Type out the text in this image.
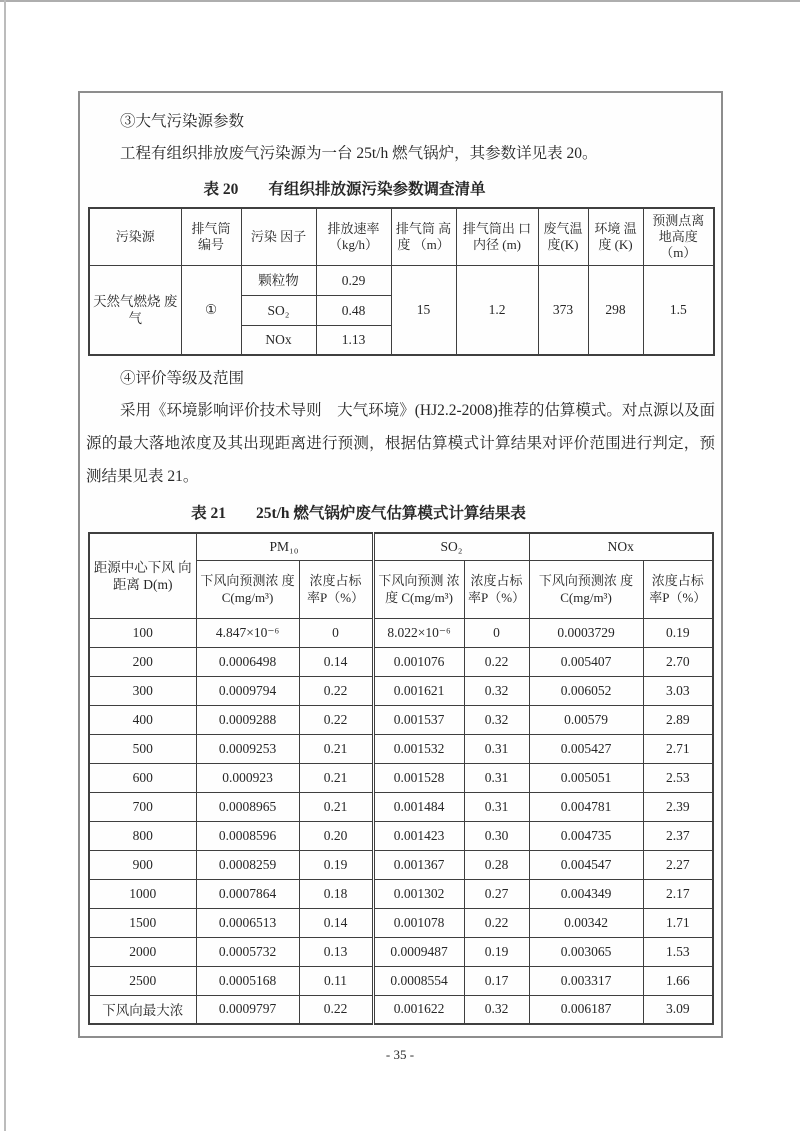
③大气污染源参数

工程有组织排放废气污染源为一台 25t/h 燃气锅炉，其参数详见表 20。

表 20 有组织排放源污染参数调查清单
污染源	排气筒 编号	污染 因子	排放速率 （kg/h）	排气筒 高度 （m）	排气筒出 口内径 (m)	废气温 度(K)	环境 温度 (K)	预测点离 地高度 （m）
天然气燃烧 废气	①	颗粒物	0.29	15	1.2	373	298	1.5
		SO₂	0.48					
		NOx	1.13					

④评价等级及范围

采用《环境影响评价技术导则　大气环境》(HJ2.2-2008)推荐的估算模式。对点源以及面源的最大落地浓度及其出现距离进行预测，根据估算模式计算结果对评价范围进行判定，预测结果见表 21。

表 21 25t/h 燃气锅炉废气估算模式计算结果表
距源中心下风 向距离 D(m)	PM₁₀		SO₂		NOx	
	下风向预测浓 度C(mg/m³)	浓度占标 率P（%）	下风向预测 浓度 C(mg/m³)	浓度占标 率P（%）	下风向预测浓 度C(mg/m³)	浓度占标 率P（%）
100	4.847×10⁻⁶	0	8.022×10⁻⁶	0	0.0003729	0.19
200	0.0006498	0.14	0.001076	0.22	0.005407	2.70
300	0.0009794	0.22	0.001621	0.32	0.006052	3.03
400	0.0009288	0.22	0.001537	0.32	0.00579	2.89
500	0.0009253	0.21	0.001532	0.31	0.005427	2.71
600	0.000923	0.21	0.001528	0.31	0.005051	2.53
700	0.0008965	0.21	0.001484	0.31	0.004781	2.39
800	0.0008596	0.20	0.001423	0.30	0.004735	2.37
900	0.0008259	0.19	0.001367	0.28	0.004547	2.27
1000	0.0007864	0.18	0.001302	0.27	0.004349	2.17
1500	0.0006513	0.14	0.001078	0.22	0.00342	1.71
2000	0.0005732	0.13	0.0009487	0.19	0.003065	1.53
2500	0.0005168	0.11	0.0008554	0.17	0.003317	1.66
下风向最大浓	0.0009797	0.22	0.001622	0.32	0.006187	3.09
- 35 -
